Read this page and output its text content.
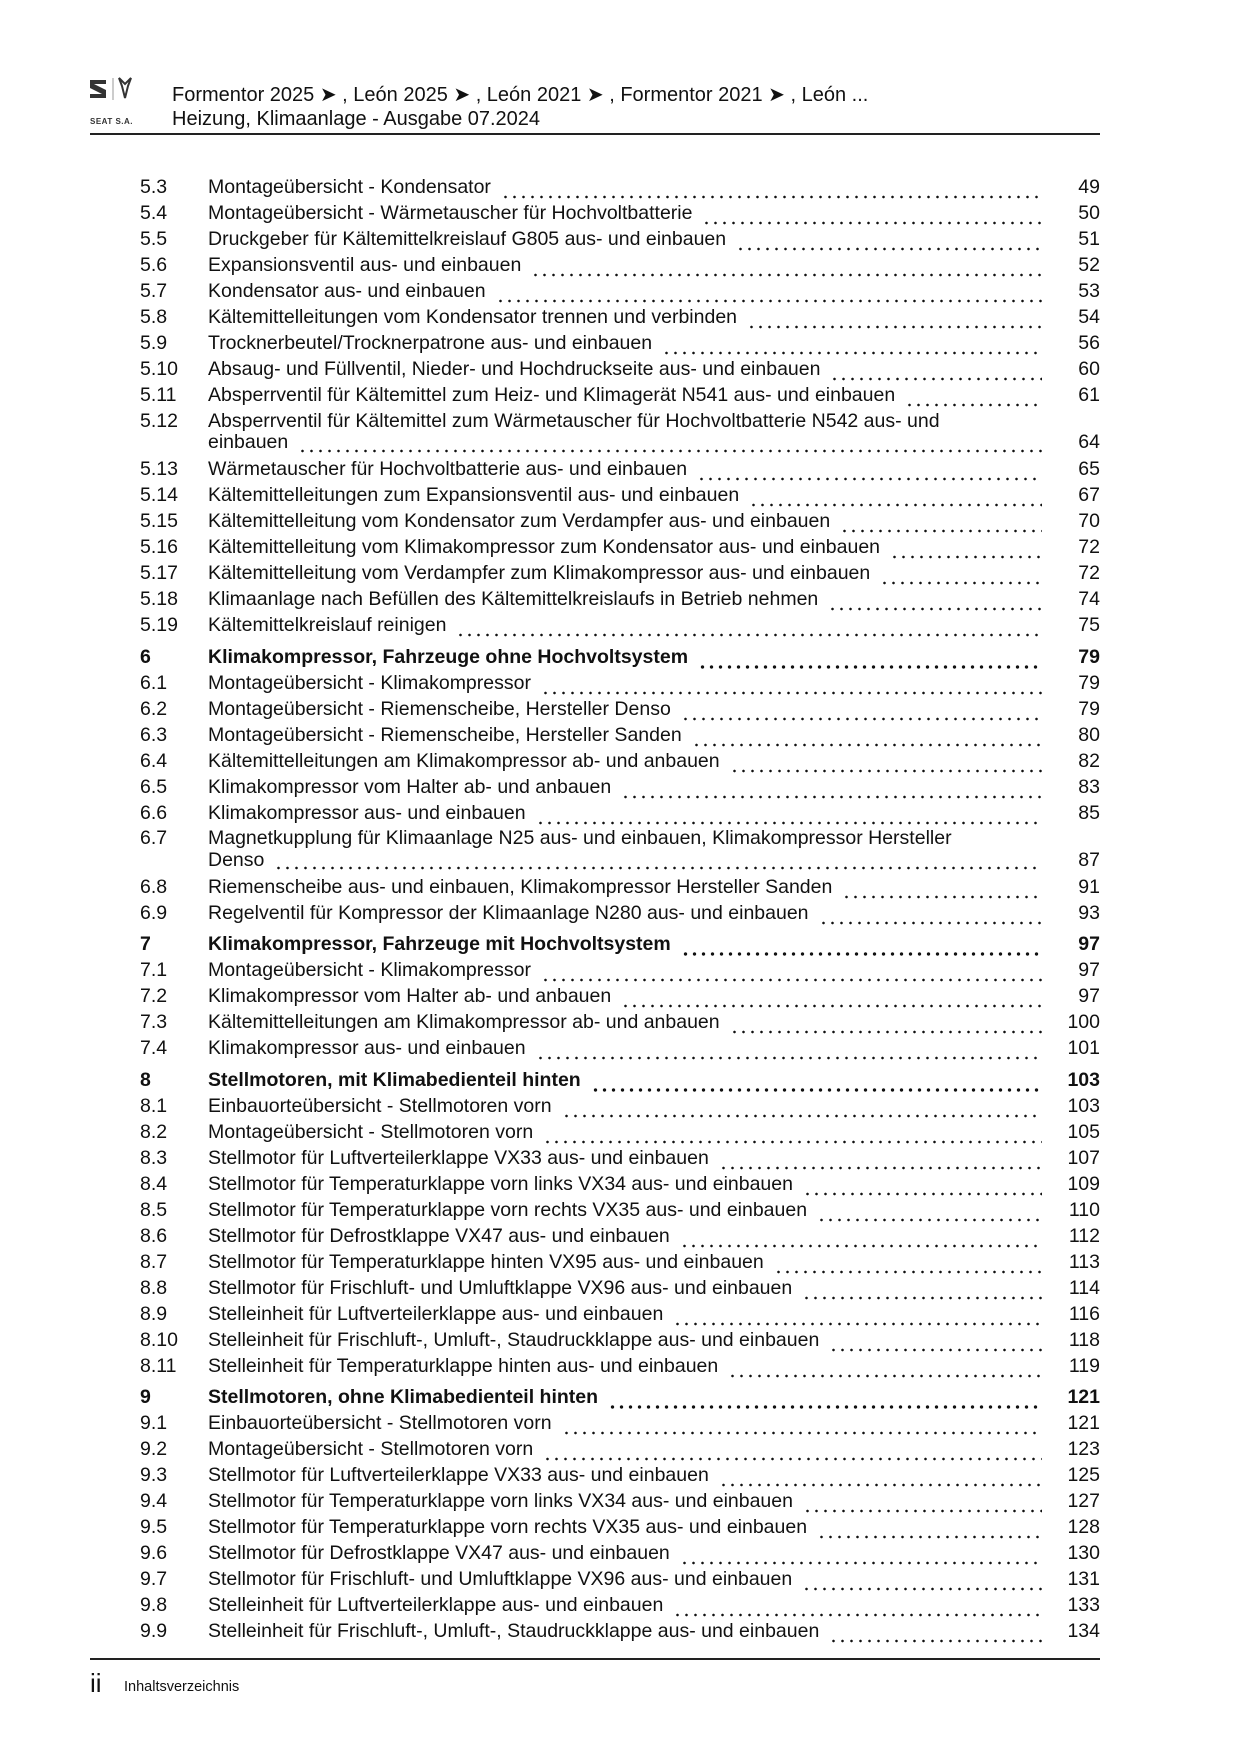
SEAT S.A.
Formentor 2025 ➤ , León 2025 ➤ , León 2021 ➤ , Formentor 2021 ➤ , León ...
Heizung, Klimaanlage - Ausgabe 07.2024
5.3	Montageübersicht - Kondensator	49
5.4	Montageübersicht - Wärmetauscher für Hochvoltbatterie	50
5.5	Druckgeber für Kältemittelkreislauf G805 aus- und einbauen	51
5.6	Expansionsventil aus- und einbauen	52
5.7	Kondensator aus- und einbauen	53
5.8	Kältemittelleitungen vom Kondensator trennen und verbinden	54
5.9	Trocknerbeutel/Trocknerpatrone aus- und einbauen	56
5.10	Absaug- und Füllventil, Nieder- und Hochdruckseite aus- und einbauen	60
5.11	Absperrventil für Kältemittel zum Heiz- und Klimagerät N541 aus- und einbauen	61
5.12	Absperrventil für Kältemittel zum Wärmetauscher für Hochvoltbatterie N542 aus- und
einbauen	64
5.13	Wärmetauscher für Hochvoltbatterie aus- und einbauen	65
5.14	Kältemittelleitungen zum Expansionsventil aus- und einbauen	67
5.15	Kältemittelleitung vom Kondensator zum Verdampfer aus- und einbauen	70
5.16	Kältemittelleitung vom Klimakompressor zum Kondensator aus- und einbauen	72
5.17	Kältemittelleitung vom Verdampfer zum Klimakompressor aus- und einbauen	72
5.18	Klimaanlage nach Befüllen des Kältemittelkreislaufs in Betrieb nehmen	74
5.19	Kältemittelkreislauf reinigen	75
6	Klimakompressor, Fahrzeuge ohne Hochvoltsystem	79
6.1	Montageübersicht - Klimakompressor	79
6.2	Montageübersicht - Riemenscheibe, Hersteller Denso	79
6.3	Montageübersicht - Riemenscheibe, Hersteller Sanden	80
6.4	Kältemittelleitungen am Klimakompressor ab- und anbauen	82
6.5	Klimakompressor vom Halter ab- und anbauen	83
6.6	Klimakompressor aus- und einbauen	85
6.7	Magnetkupplung für Klimaanlage N25 aus- und einbauen, Klimakompressor Hersteller
Denso	87
6.8	Riemenscheibe aus- und einbauen, Klimakompressor Hersteller Sanden	91
6.9	Regelventil für Kompressor der Klimaanlage N280 aus- und einbauen	93
7	Klimakompressor, Fahrzeuge mit Hochvoltsystem	97
7.1	Montageübersicht - Klimakompressor	97
7.2	Klimakompressor vom Halter ab- und anbauen	97
7.3	Kältemittelleitungen am Klimakompressor ab- und anbauen	100
7.4	Klimakompressor aus- und einbauen	101
8	Stellmotoren, mit Klimabedienteil hinten	103
8.1	Einbauorteübersicht - Stellmotoren vorn	103
8.2	Montageübersicht - Stellmotoren vorn	105
8.3	Stellmotor für Luftverteilerklappe VX33 aus- und einbauen	107
8.4	Stellmotor für Temperaturklappe vorn links VX34 aus- und einbauen	109
8.5	Stellmotor für Temperaturklappe vorn rechts VX35 aus- und einbauen	110
8.6	Stellmotor für Defrostklappe VX47 aus- und einbauen	112
8.7	Stellmotor für Temperaturklappe hinten VX95 aus- und einbauen	113
8.8	Stellmotor für Frischluft- und Umluftklappe VX96 aus- und einbauen	114
8.9	Stelleinheit für Luftverteilerklappe aus- und einbauen	116
8.10	Stelleinheit für Frischluft-, Umluft-, Staudruckklappe aus- und einbauen	118
8.11	Stelleinheit für Temperaturklappe hinten aus- und einbauen	119
9	Stellmotoren, ohne Klimabedienteil hinten	121
9.1	Einbauorteübersicht - Stellmotoren vorn	121
9.2	Montageübersicht - Stellmotoren vorn	123
9.3	Stellmotor für Luftverteilerklappe VX33 aus- und einbauen	125
9.4	Stellmotor für Temperaturklappe vorn links VX34 aus- und einbauen	127
9.5	Stellmotor für Temperaturklappe vorn rechts VX35 aus- und einbauen	128
9.6	Stellmotor für Defrostklappe VX47 aus- und einbauen	130
9.7	Stellmotor für Frischluft- und Umluftklappe VX96 aus- und einbauen	131
9.8	Stelleinheit für Luftverteilerklappe aus- und einbauen	133
9.9	Stelleinheit für Frischluft-, Umluft-, Staudruckklappe aus- und einbauen	134
ii Inhaltsverzeichnis
